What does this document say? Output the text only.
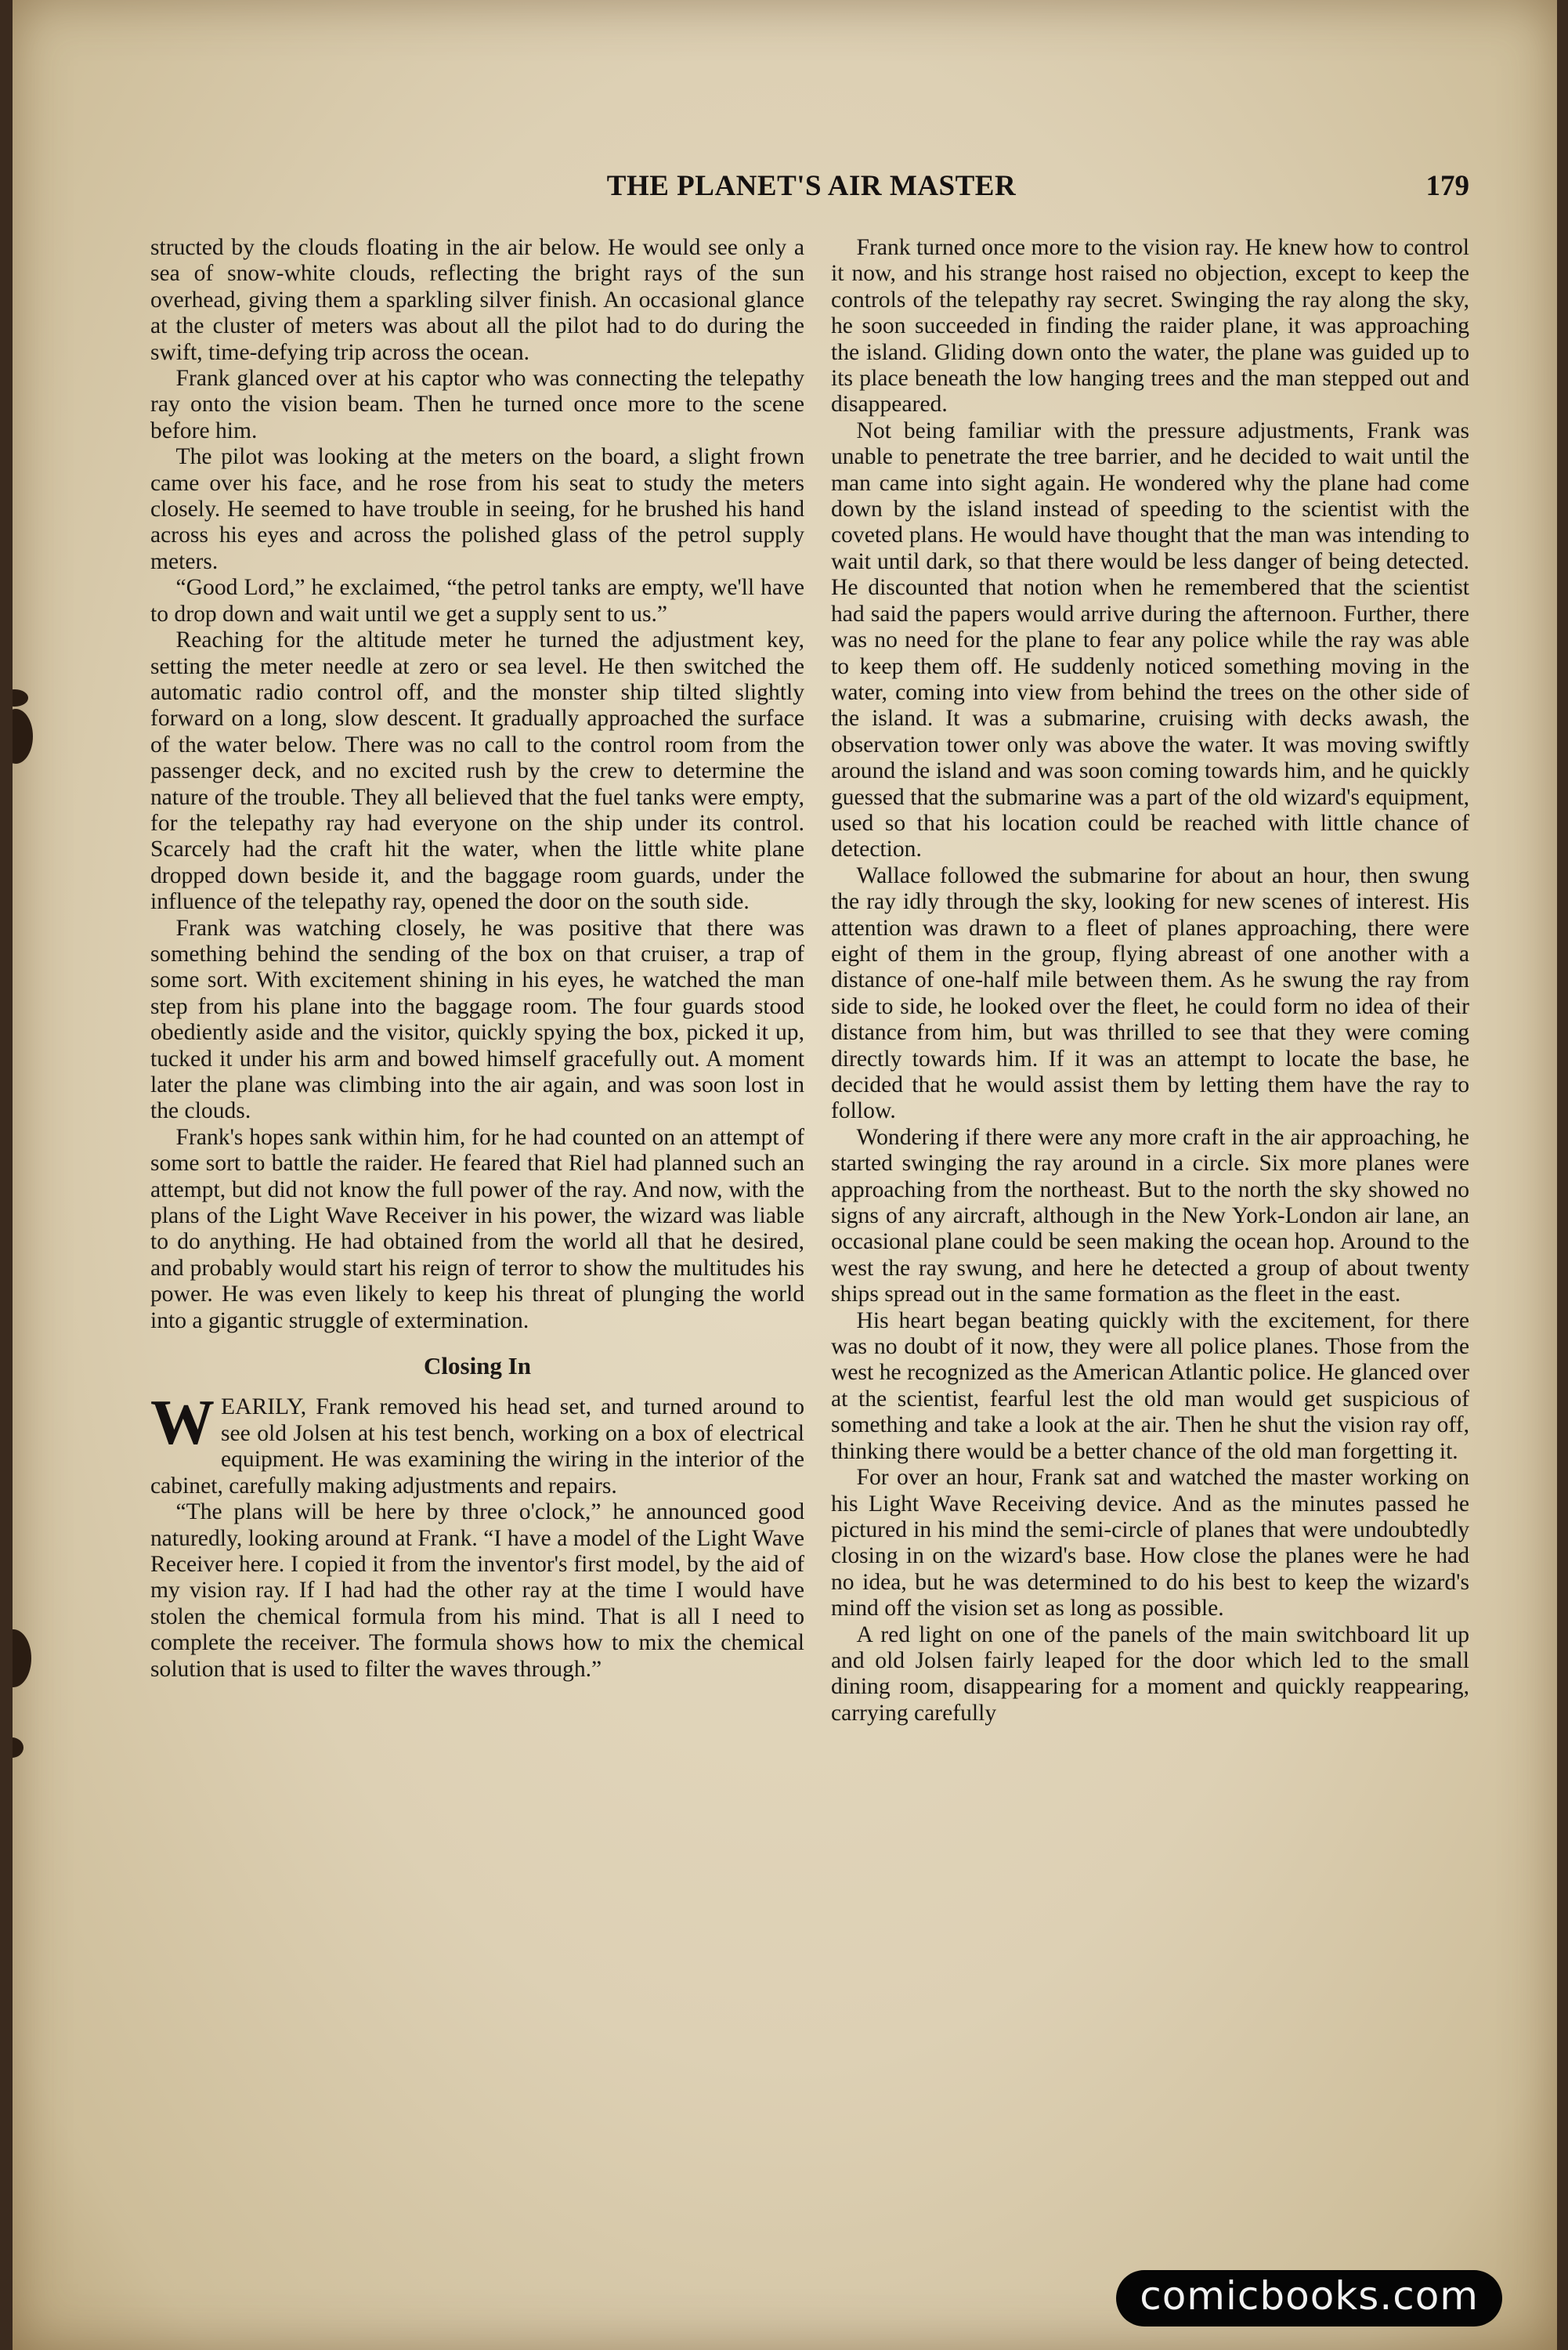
THE PLANET'S AIR MASTER	179

structed by the clouds floating in the air below. He would see only a sea of snow-white clouds, reflecting the bright rays of the sun overhead, giving them a sparkling silver finish. An occasional glance at the cluster of meters was about all the pilot had to do during the swift, time-defying trip across the ocean.

Frank glanced over at his captor who was connecting the telepathy ray onto the vision beam. Then he turned once more to the scene before him.

The pilot was looking at the meters on the board, a slight frown came over his face, and he rose from his seat to study the meters closely. He seemed to have trouble in seeing, for he brushed his hand across his eyes and across the polished glass of the petrol supply meters.

“Good Lord,” he exclaimed, “the petrol tanks are empty, we'll have to drop down and wait until we get a supply sent to us.”

Reaching for the altitude meter he turned the adjustment key, setting the meter needle at zero or sea level. He then switched the automatic radio control off, and the monster ship tilted slightly forward on a long, slow descent. It gradually approached the surface of the water below. There was no call to the control room from the passenger deck, and no excited rush by the crew to determine the nature of the trouble. They all believed that the fuel tanks were empty, for the telepathy ray had everyone on the ship under its control. Scarcely had the craft hit the water, when the little white plane dropped down beside it, and the baggage room guards, under the influence of the telepathy ray, opened the door on the south side.

Frank was watching closely, he was positive that there was something behind the sending of the box on that cruiser, a trap of some sort. With excitement shining in his eyes, he watched the man step from his plane into the baggage room. The four guards stood obediently aside and the visitor, quickly spying the box, picked it up, tucked it under his arm and bowed himself gracefully out. A moment later the plane was climbing into the air again, and was soon lost in the clouds.

Frank's hopes sank within him, for he had counted on an attempt of some sort to battle the raider. He feared that Riel had planned such an attempt, but did not know the full power of the ray. And now, with the plans of the Light Wave Receiver in his power, the wizard was liable to do anything. He had obtained from the world all that he desired, and probably would start his reign of terror to show the multitudes his power. He was even likely to keep his threat of plunging the world into a gigantic struggle of extermination.

Closing In

WEARILY, Frank removed his head set, and turned around to see old Jolsen at his test bench, working on a box of electrical equipment. He was examining the wiring in the interior of the cabinet, carefully making adjustments and repairs.

“The plans will be here by three o'clock,” he announced good naturedly, looking around at Frank. “I have a model of the Light Wave Receiver here. I copied it from the inventor's first model, by the aid of my vision ray. If I had had the other ray at the time I would have stolen the chemical formula from his mind. That is all I need to complete the receiver. The formula shows how to mix the chemical solution that is used to filter the waves through.”

Frank turned once more to the vision ray. He knew how to control it now, and his strange host raised no objection, except to keep the controls of the telepathy ray secret. Swinging the ray along the sky, he soon succeeded in finding the raider plane, it was approaching the island. Gliding down onto the water, the plane was guided up to its place beneath the low hanging trees and the man stepped out and disappeared.

Not being familiar with the pressure adjustments, Frank was unable to penetrate the tree barrier, and he decided to wait until the man came into sight again. He wondered why the plane had come down by the island instead of speeding to the scientist with the coveted plans. He would have thought that the man was intending to wait until dark, so that there would be less danger of being detected. He discounted that notion when he remembered that the scientist had said the papers would arrive during the afternoon. Further, there was no need for the plane to fear any police while the ray was able to keep them off. He suddenly noticed something moving in the water, coming into view from behind the trees on the other side of the island. It was a submarine, cruising with decks awash, the observation tower only was above the water. It was moving swiftly around the island and was soon coming towards him, and he quickly guessed that the submarine was a part of the old wizard's equipment, used so that his location could be reached with little chance of detection.

Wallace followed the submarine for about an hour, then swung the ray idly through the sky, looking for new scenes of interest. His attention was drawn to a fleet of planes approaching, there were eight of them in the group, flying abreast of one another with a distance of one-half mile between them. As he swung the ray from side to side, he looked over the fleet, he could form no idea of their distance from him, but was thrilled to see that they were coming directly towards him. If it was an attempt to locate the base, he decided that he would assist them by letting them have the ray to follow.

Wondering if there were any more craft in the air approaching, he started swinging the ray around in a circle. Six more planes were approaching from the northeast. But to the north the sky showed no signs of any aircraft, although in the New York-London air lane, an occasional plane could be seen making the ocean hop. Around to the west the ray swung, and here he detected a group of about twenty ships spread out in the same formation as the fleet in the east.

His heart began beating quickly with the excitement, for there was no doubt of it now, they were all police planes. Those from the west he recognized as the American Atlantic police. He glanced over at the scientist, fearful lest the old man would get suspicious of something and take a look at the air. Then he shut the vision ray off, thinking there would be a better chance of the old man forgetting it.

For over an hour, Frank sat and watched the master working on his Light Wave Receiving device. And as the minutes passed he pictured in his mind the semi-circle of planes that were undoubtedly closing in on the wizard's base. How close the planes were he had no idea, but he was determined to do his best to keep the wizard's mind off the vision set as long as possible.

A red light on one of the panels of the main switchboard lit up and old Jolsen fairly leaped for the door which led to the small dining room, disappearing for a moment and quickly reappearing, carrying carefully

comicbooks.com
